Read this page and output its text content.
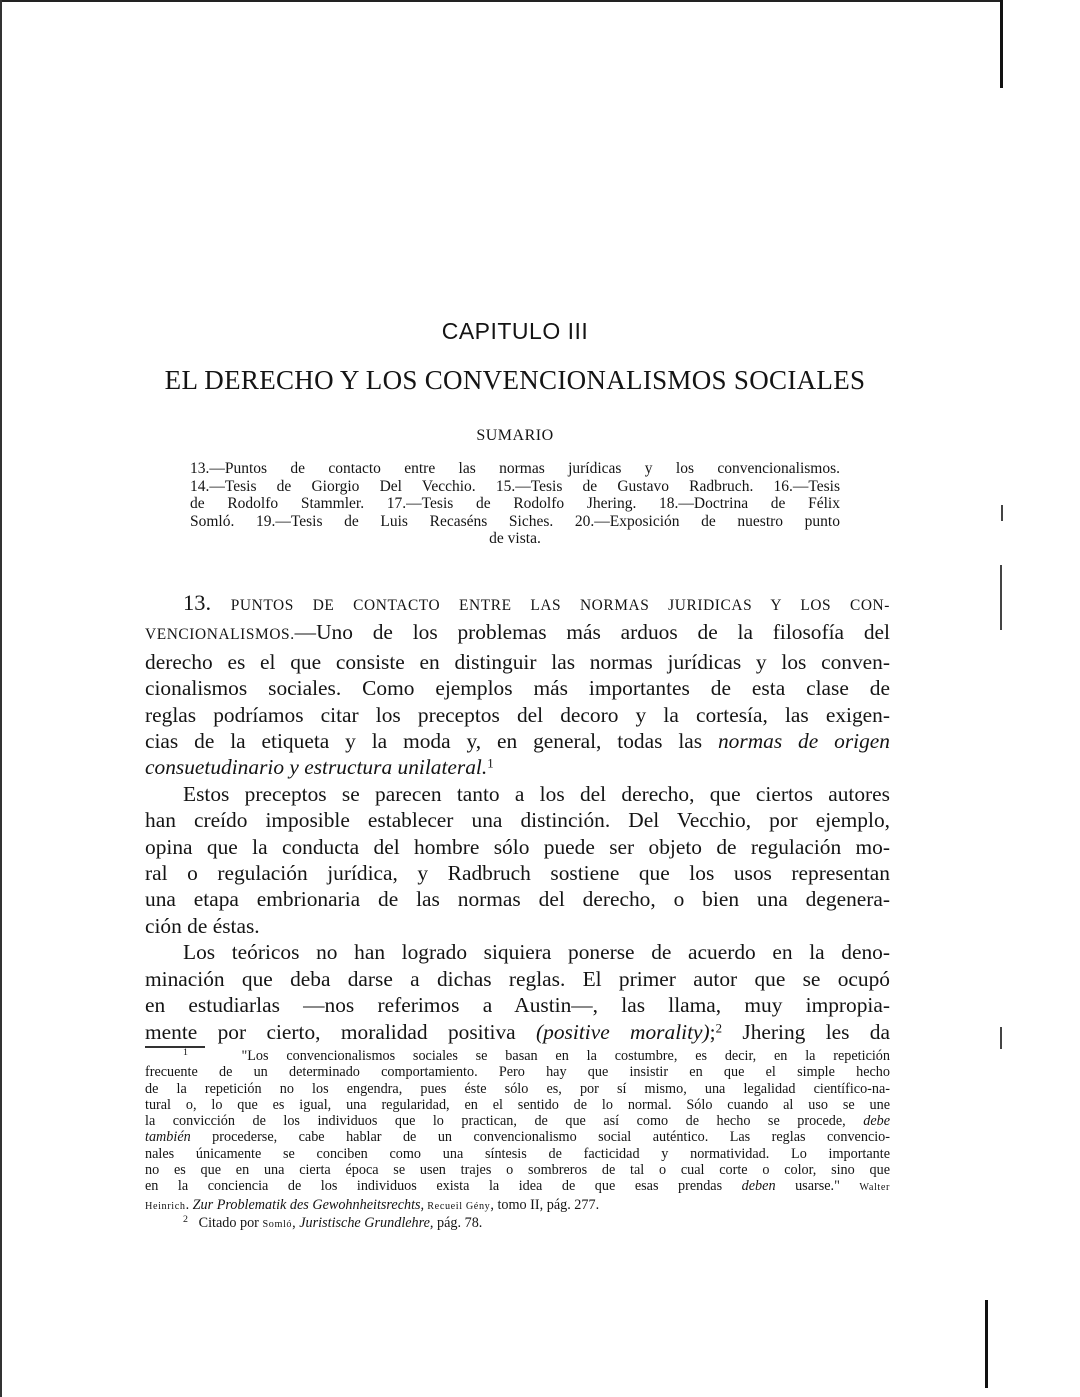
CAPITULO III
EL DERECHO Y LOS CONVENCIONALISMOS SOCIALES
SUMARIO
13.—Puntos de contacto entre las normas jurídicas y los convencionalismos.
14.—Tesis de Giorgio Del Vecchio. 15.—Tesis de Gustavo Radbruch. 16.—Tesis
de Rodolfo Stammler. 17.—Tesis de Rodolfo Jhering. 18.—Doctrina de Félix
Somló. 19.—Tesis de Luis Recaséns Siches. 20.—Exposición de nuestro punto
de vista.
13. PUNTOS DE CONTACTO ENTRE LAS NORMAS JURIDICAS Y LOS CON-
VENCIONALISMOS.—Uno de los problemas más arduos de la filosofía del
derecho es el que consiste en distinguir las normas jurídicas y los conven-
cionalismos sociales. Como ejemplos más importantes de esta clase de
reglas podríamos citar los preceptos del decoro y la cortesía, las exigen-
cias de la etiqueta y la moda y, en general, todas las normas de origen
consuetudinario y estructura unilateral.$^1$
Estos preceptos se parecen tanto a los del derecho, que ciertos autores
han creído imposible establecer una distinción. Del Vecchio, por ejemplo,
opina que la conducta del hombre sólo puede ser objeto de regulación mo-
ral o regulación jurídica, y Radbruch sostiene que los usos representan
una etapa embrionaria de las normas del derecho, o bien una degenera-
ción de éstas.
Los teóricos no han logrado siquiera ponerse de acuerdo en la deno-
minación que deba darse a dichas reglas. El primer autor que se ocupó
en estudiarlas —nos referimos a Austin—, las llama, muy impropia-
mente por cierto, moralidad positiva (positive morality);$^2$ Jhering les da
$^1$	"Los convencionalismos sociales se basan en la costumbre, es decir, en la repetición
frecuente de un determinado comportamiento. Pero hay que insistir en que el simple hecho
de la repetición no los engendra, pues éste sólo es, por sí mismo, una legalidad científico-na-
tural o, lo que es igual, una regularidad, en el sentido de lo normal. Sólo cuando al uso se une
la convicción de los individuos que lo practican, de que así como de hecho se procede, debe
también procederse, cabe hablar de un convencionalismo social auténtico. Las reglas convencio-
nales únicamente se conciben como una síntesis de facticidad y normatividad. Lo importante
no es que en una cierta época se usen trajes o sombreros de tal o cual corte o color, sino que
en la conciencia de los individuos exista la idea de que esas prendas deben usarse." Walter
Heinrich. Zur Problematik des Gewohnheitsrechts, Recueil Gény, tomo II, pág. 277.
$^2$ Citado por Somló, Juristische Grundlehre, pág. 78.
